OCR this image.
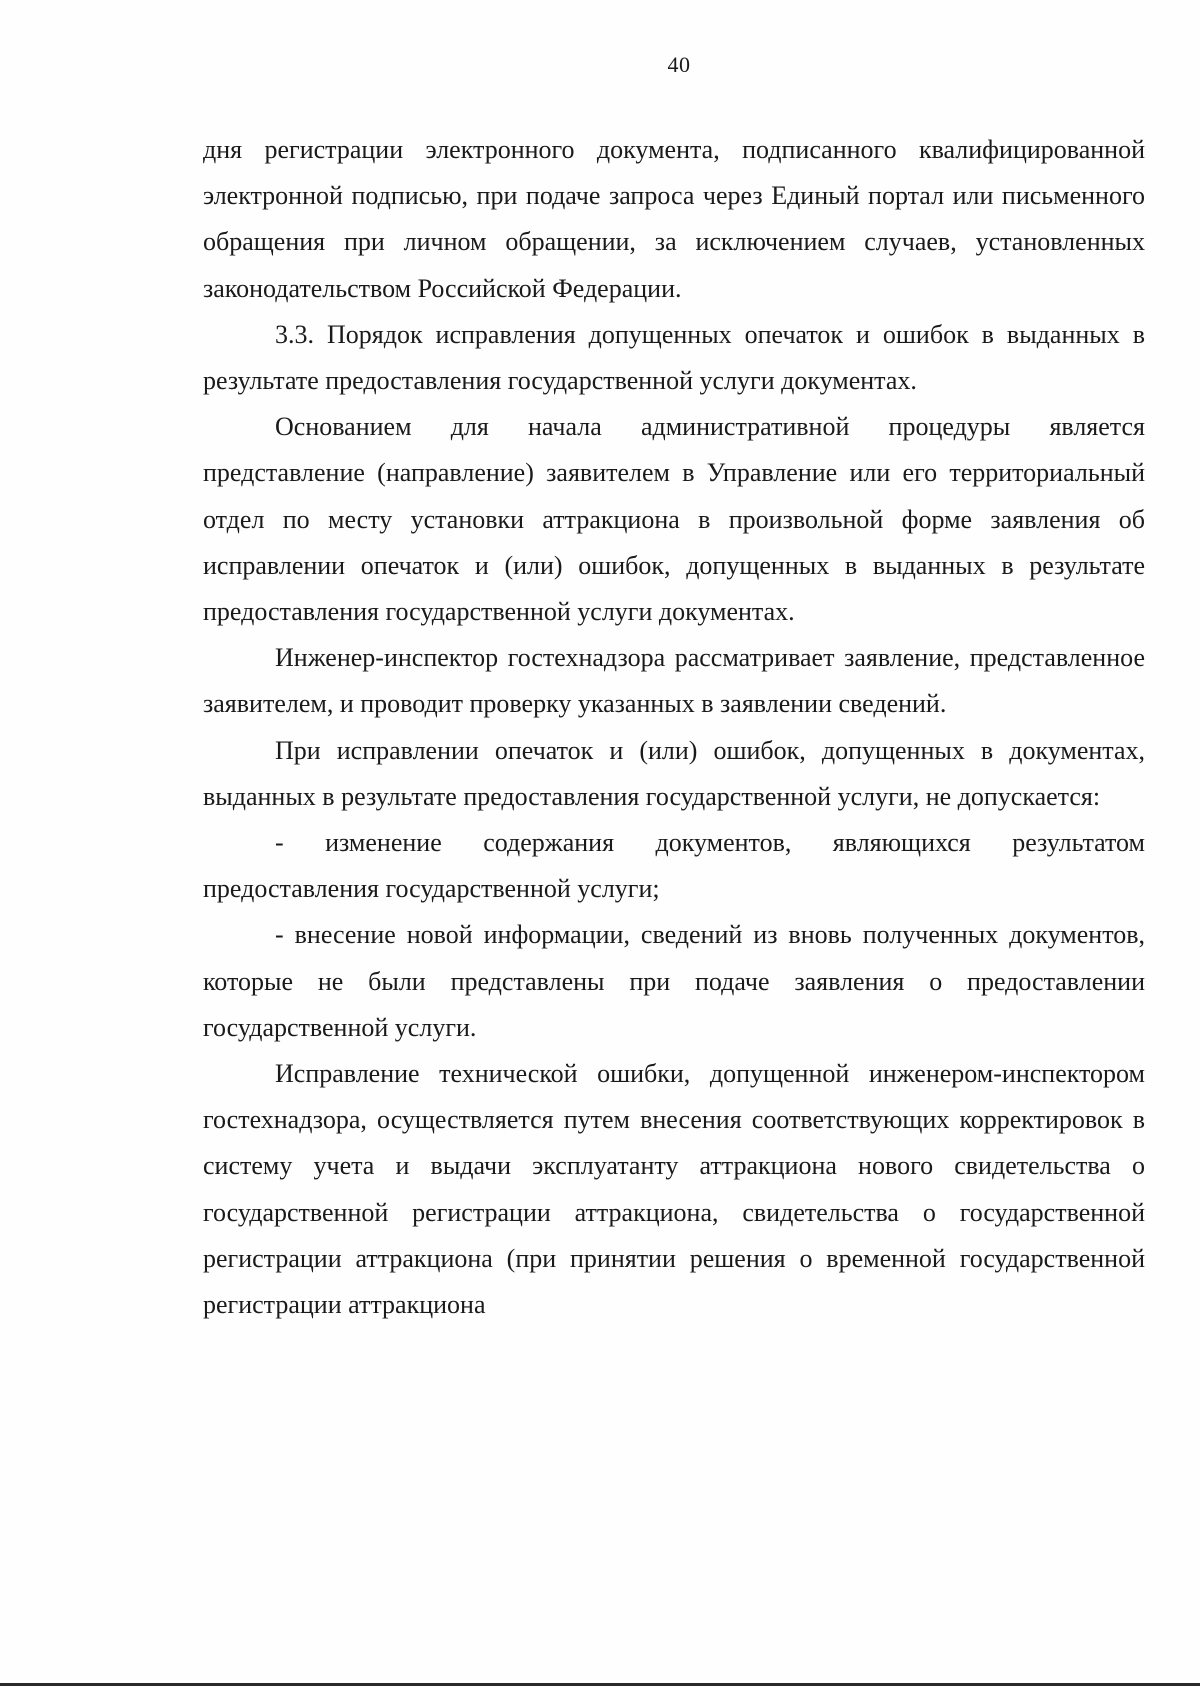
40

дня регистрации электронного документа, подписанного квалифицированной электронной подписью, при подаче запроса через Единый портал или письменного обращения при личном обращении, за исключением случаев, установленных законодательством Российской Федерации.

3.3. Порядок исправления допущенных опечаток и ошибок в выданных в результате предоставления государственной услуги документах.

Основанием для начала административной процедуры является представление (направление) заявителем в Управление или его территориальный отдел по месту установки аттракциона в произвольной форме заявления об исправлении опечаток и (или) ошибок, допущенных в выданных в результате предоставления государственной услуги документах.

Инженер-инспектор гостехнадзора рассматривает заявление, представленное заявителем, и проводит проверку указанных в заявлении сведений.

При исправлении опечаток и (или) ошибок, допущенных в документах, выданных в результате предоставления государственной услуги, не допускается:

- изменение содержания документов, являющихся результатом предоставления государственной услуги;

- внесение новой информации, сведений из вновь полученных документов, которые не были представлены при подаче заявления о предоставлении государственной услуги.

Исправление технической ошибки, допущенной инженером-инспектором гостехнадзора, осуществляется путем внесения соответствующих корректировок в систему учета и выдачи эксплуатанту аттракциона нового свидетельства о государственной регистрации аттракциона, свидетельства о государственной регистрации аттракциона (при принятии решения о временной государственной регистрации аттракциона
